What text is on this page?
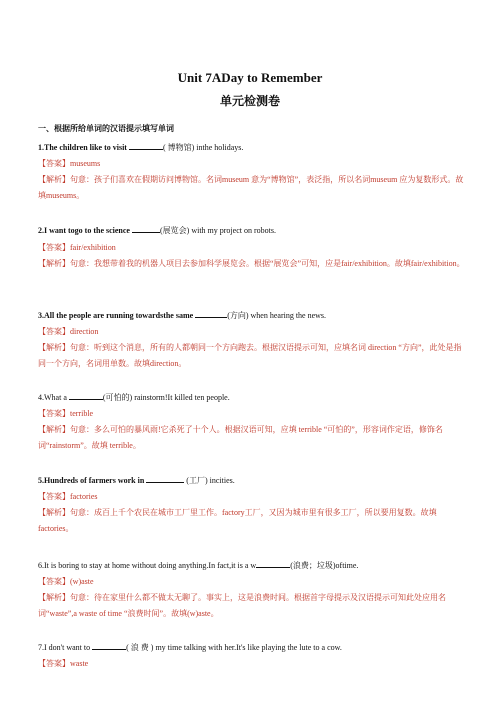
Unit 7ADay to Remember
单元检测卷
一、根据所给单词的汉语提示填写单词
1.The children like to visit	( 博物馆) inthe holidays.
【答案】museums
【解析】句意：孩子们喜欢在假期访问博物馆。名词museum 意为“博物馆”，表泛指，所以名词museum 应为复数形式。故填museums。
2.I want togo to the science	(展览会) with my project on robots.
【答案】fair/exhibition
【解析】句意：我想带着我的机器人项目去参加科学展览会。根据“展览会”可知，应是fair/exhibition。故填fair/exhibition。
3.All the people are running towardsthe same	(方向) when hearing the news.
【答案】direction
【解析】句意：听到这个消息，所有的人都朝同一个方向跑去。根据汉语提示可知，应填名词 direction “方向”，此处是指同一个方向，名词用单数。故填direction。
4.What a	(可怕的) rainstorm!It killed ten people.
【答案】terrible
【解析】句意：多么可怕的暴风雨!它杀死了十个人。根据汉语可知，应填 terrible “可怕的”，形容词作定语，修饰名词“rainstorm”。故填 terrible。
5.Hundreds of farmers work in	(工厂) incities.
【答案】factories
【解析】句意：成百上千个农民在城市工厂里工作。factory工厂，又因为城市里有很多工厂，所以要用复数。故填factories。
6.It is boring to stay at home without doing anything.In fact,it is a w	(浪费；垃圾)oftime.
【答案】(w)aste
【解析】句意：待在家里什么都不做太无聊了。事实上，这是浪费时间。根据首字母提示及汉语提示可知此处应用名词“waste”,a waste of time “浪费时间”。故填(w)aste。
7.I don't want to	( 浪 费 ) my time talking with her.It's like playing the lute to a cow.
【答案】waste
